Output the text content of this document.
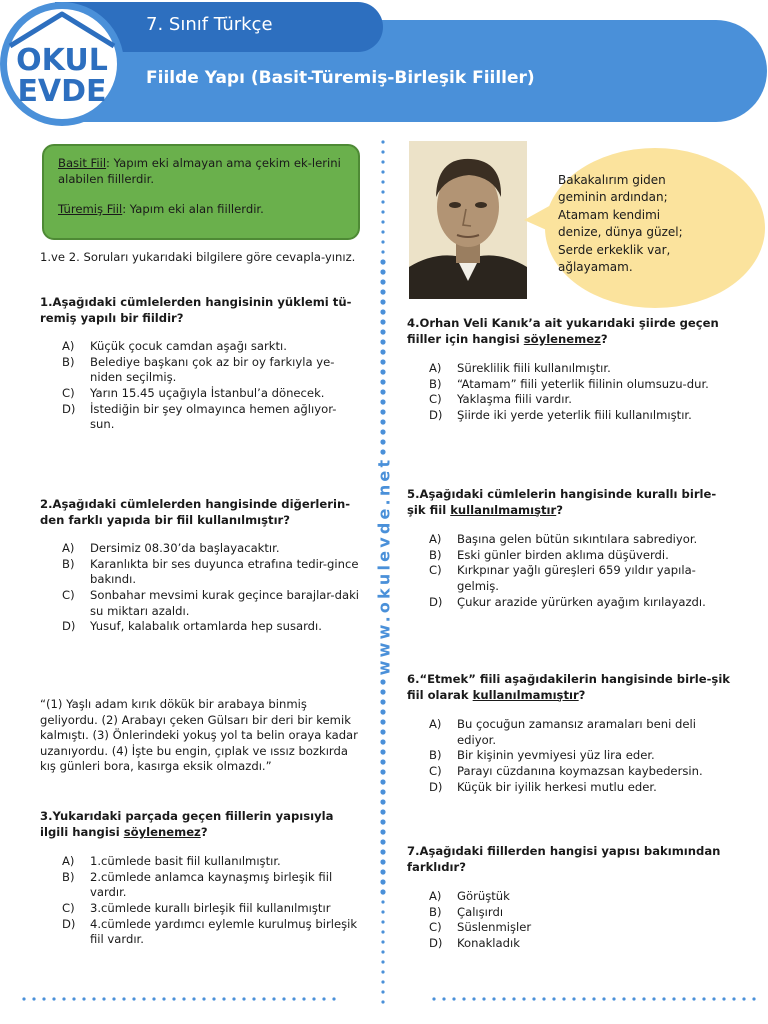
7. Sınıf Türkçe
Fiilde Yapı (Basit-Türemiş-Birleşik Fiiller)
OKUL
EVDE
Basit Fiil: Yapım eki almayan ama çekim ek-lerini alabilen fiillerdir.
Türemiş Fiil: Yapım eki alan fiillerdir.
1.ve 2. Soruları yukarıdaki bilgilere göre cevapla-yınız.
1.Aşağıdaki cümlelerden hangisinin yüklemi tü-remiş yapılı bir fiildir?
A) Küçük çocuk camdan aşağı sarktı.
B) Belediye başkanı çok az bir oy farkıyla ye-niden seçilmiş.
C) Yarın 15.45 uçağıyla İstanbul’a dönecek.
D) İstediğin bir şey olmayınca hemen ağlıyor-sun.
2.Aşağıdaki cümlelerden hangisinde diğerlerin-den farklı yapıda bir fiil kullanılmıştır?
A) Dersimiz 08.30’da başlayacaktır.
B) Karanlıkta bir ses duyunca etrafına tedir-gince bakındı.
C) Sonbahar mevsimi kurak geçince barajlar-daki su miktarı azaldı.
D) Yusuf, kalabalık ortamlarda hep susardı.
“(1) Yaşlı adam kırık dökük bir arabaya binmiş geliyordu. (2) Arabayı çeken Gülsarı bir deri bir kemik kalmıştı. (3) Önlerindeki yokuş yol ta belin oraya kadar uzanıyordu. (4) İşte bu engin, çıplak ve ıssız bozkırda kış günleri bora, kasırga eksik olmazdı.”
3.Yukarıdaki parçada geçen fiillerin yapısıyla ilgili hangisi söylenemez?
A) 1.cümlede basit fiil kullanılmıştır.
B) 2.cümlede anlamca kaynaşmış birleşik fiil vardır.
C) 3.cümlede kurallı birleşik fiil kullanılmıştır
D) 4.cümlede yardımcı eylemle kurulmuş birleşik fiil vardır.
www.okulevde.net
Bakakalırım giden
geminin ardından;
Atamam kendimi
denize, dünya güzel;
Serde erkeklik var,
ağlayamam.
4.Orhan Veli Kanık’a ait yukarıdaki şiirde geçen fiiller için hangisi söylenemez?
A) Süreklilik fiili kullanılmıştır.
B) “Atamam” fiili yeterlik fiilinin olumsuzu-dur.
C) Yaklaşma fiili vardır.
D) Şiirde iki yerde yeterlik fiili kullanılmıştır.
5.Aşağıdaki cümlelerin hangisinde kurallı birle-şik fiil kullanılmamıştır?
A) Başına gelen bütün sıkıntılara sabrediyor.
B) Eski günler birden aklıma düşüverdi.
C) Kırkpınar yağlı güreşleri 659 yıldır yapıla-gelmiş.
D) Çukur arazide yürürken ayağım kırılayazdı.
6.“Etmek” fiili aşağıdakilerin hangisinde birle-şik fiil olarak kullanılmamıştır?
A) Bu çocuğun zamansız aramaları beni deli ediyor.
B) Bir kişinin yevmiyesi yüz lira eder.
C) Parayı cüzdanına koymazsan kaybedersin.
D) Küçük bir iyilik herkesi mutlu eder.
7.Aşağıdaki fiillerden hangisi yapısı bakımından farklıdır?
A) Görüştük
B) Çalışırdı
C) Süslenmişler
D) Konakladık
